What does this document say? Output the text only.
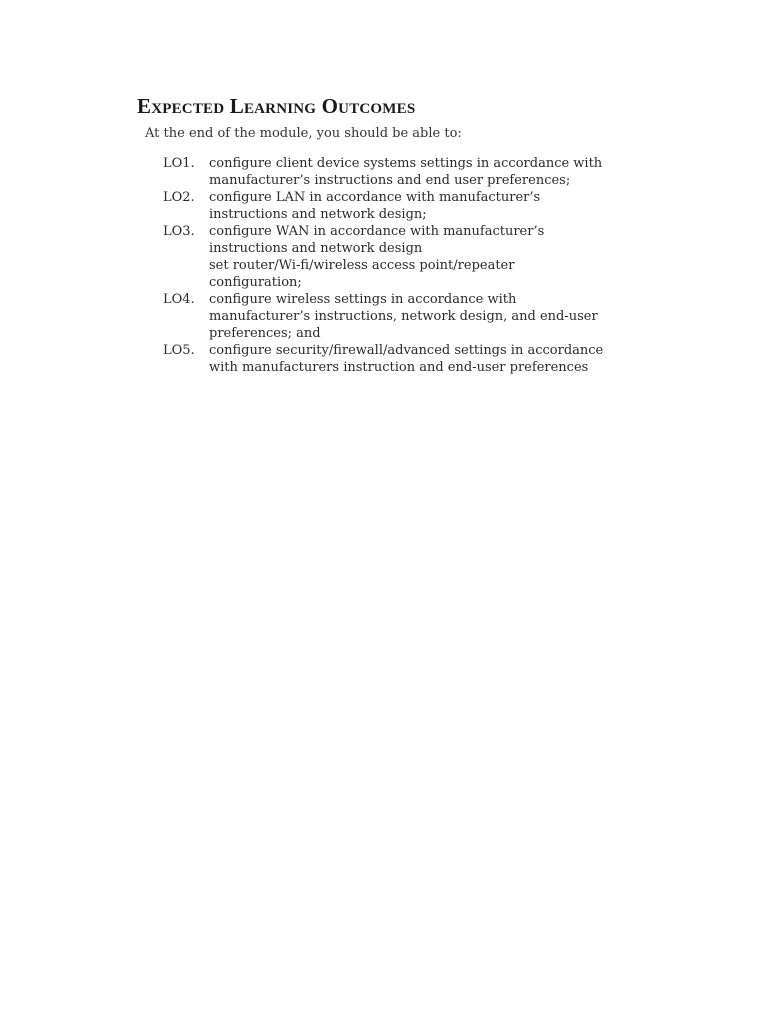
Expected Learning Outcomes
At the end of the module, you should be able to:
LO1.	configure client device systems settings in accordance with
manufacturer’s instructions and end user preferences;
LO2.	configure LAN in accordance with manufacturer’s
instructions and network design;
LO3.	configure WAN in accordance with manufacturer’s
instructions and network design
set router/Wi-fi/wireless access point/repeater
configuration;
LO4.	configure wireless settings in accordance with
manufacturer’s instructions, network design, and end-user
preferences; and
LO5.	configure security/firewall/advanced settings in accordance
with manufacturers instruction and end-user preferences
